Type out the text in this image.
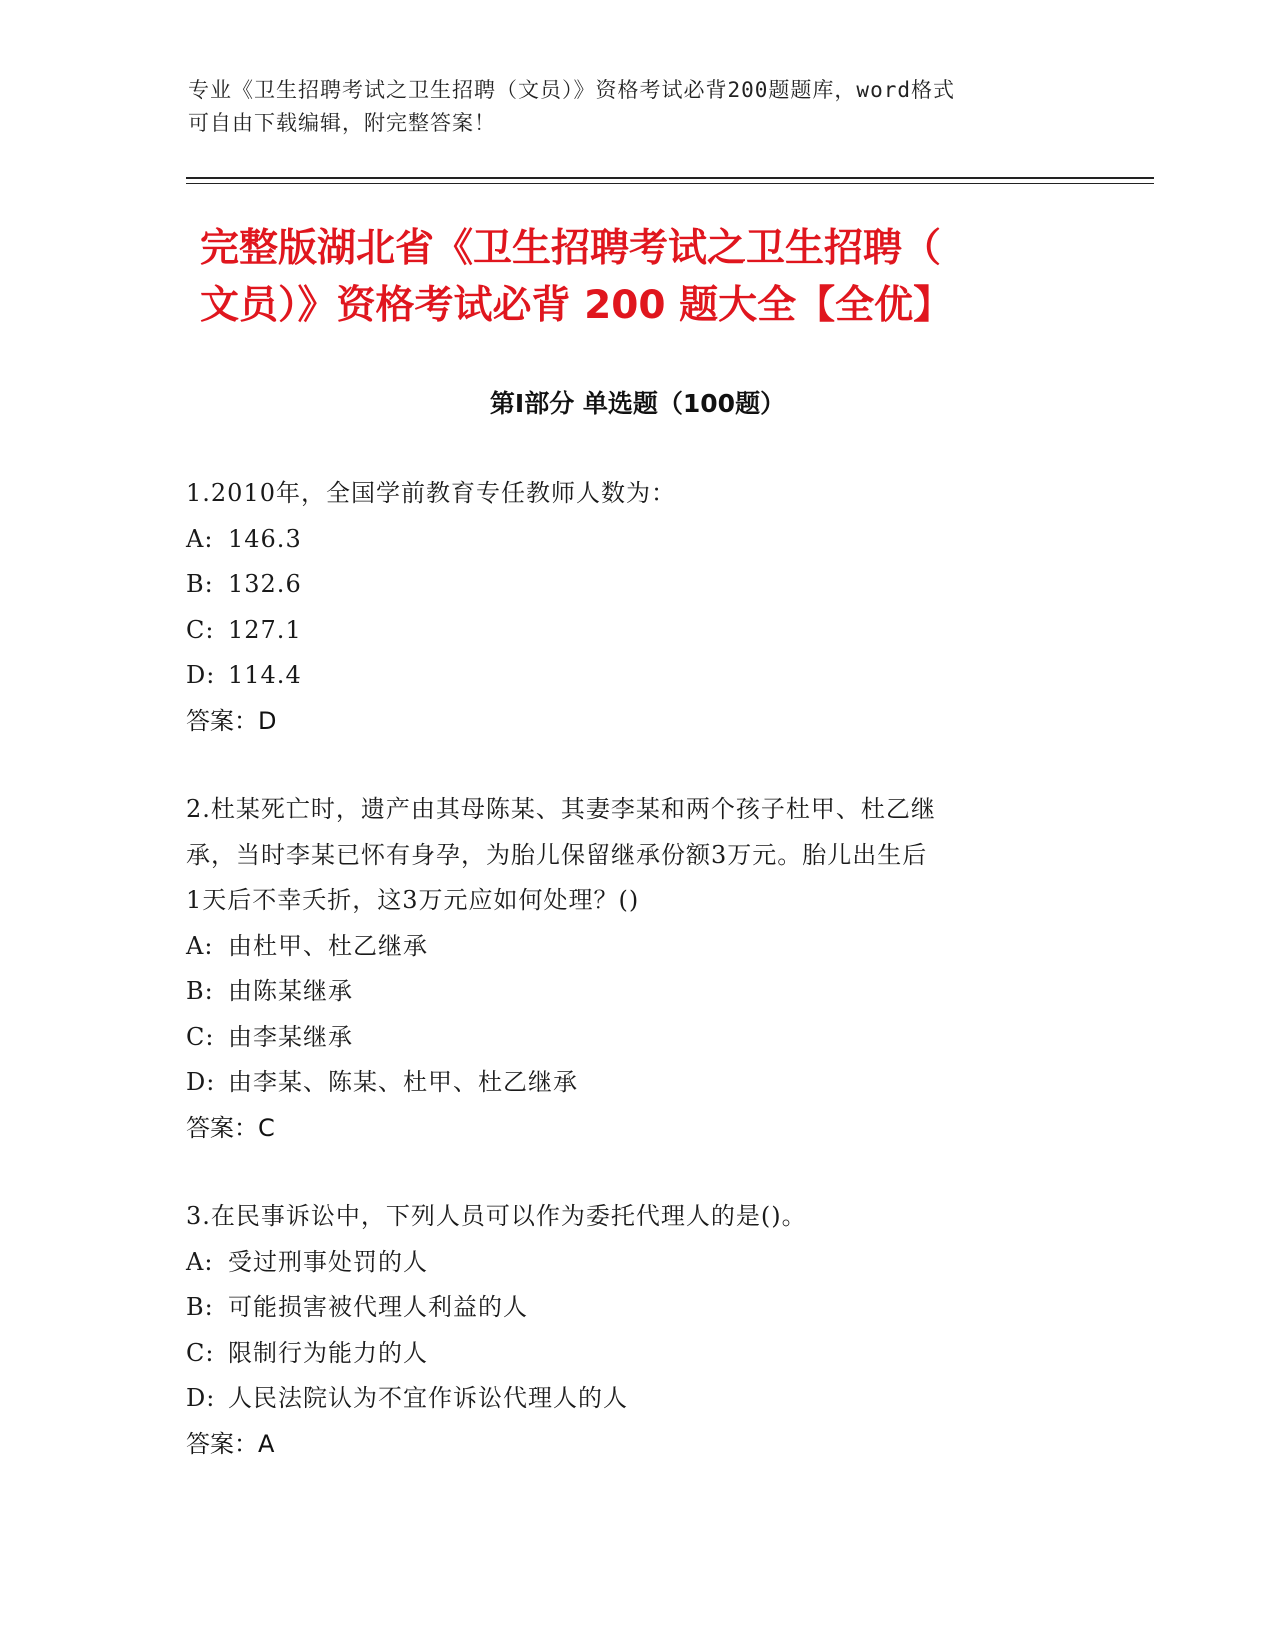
专业《卫生招聘考试之卫生招聘（文员）》资格考试必背200题题库，word格式
可自由下载编辑，附完整答案！
完整版湖北省《卫生招聘考试之卫生招聘（
文员）》资格考试必背 200 题大全【全优】
第Ⅰ部分 单选题（100题）
1.2010年，全国学前教育专任教师人数为：
A: 146.3
B: 132.6
C: 127.1
D: 114.4
答案：D
2.杜某死亡时，遗产由其母陈某、其妻李某和两个孩子杜甲、杜乙继
承，当时李某已怀有身孕，为胎儿保留继承份额3万元。胎儿出生后
1天后不幸夭折，这3万元应如何处理？()
A: 由杜甲、杜乙继承
B: 由陈某继承
C: 由李某继承
D: 由李某、陈某、杜甲、杜乙继承
答案：C
3.在民事诉讼中，下列人员可以作为委托代理人的是()。
A: 受过刑事处罚的人
B: 可能损害被代理人利益的人
C: 限制行为能力的人
D: 人民法院认为不宜作诉讼代理人的人
答案：A
